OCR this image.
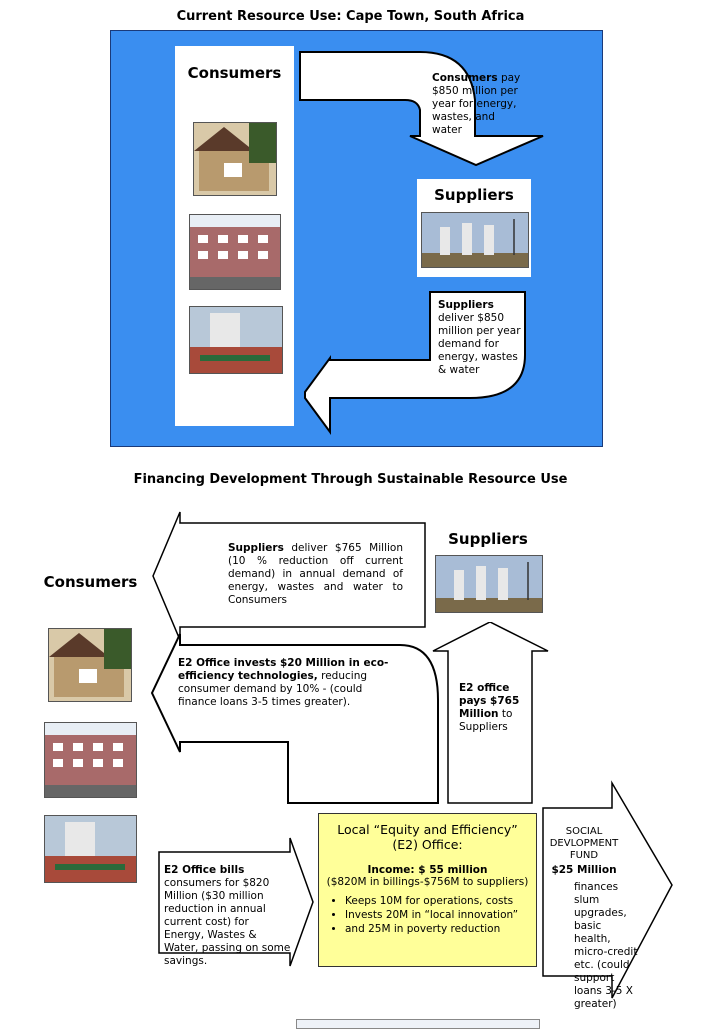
Current Resource Use: Cape Town, South Africa
Consumers
Suppliers
Consumers pay $850 million per year for energy, wastes, and water
Suppliers deliver $850 million per year demand for energy, wastes & water
Financing Development Through Sustainable Resource Use
Consumers
Suppliers
Suppliers deliver $765 Million (10 % reduction off current demand) in annual demand of energy, wastes and water to Consumers
E2 Office invests $20 Million in eco-efficiency technologies, reducing consumer demand by 10% - (could finance loans 3-5 times greater).
E2 office pays $765 Million to Suppliers
E2 Office bills consumers for $820 Million ($30 million reduction in annual current cost) for Energy, Wastes & Water, passing on some savings.
Local “Equity and Efficiency”
(E2) Office:
Income: $ 55 million
($820M in billings-$756M to suppliers)
• Keeps 10M for operations, costs
• Invests 20M in “local innovation”
• and 25M in poverty reduction
SOCIAL DEVLOPMENT FUND
$25 Million
finances slum upgrades, basic health, micro-credit etc. (could support loans 3-5 X greater)
